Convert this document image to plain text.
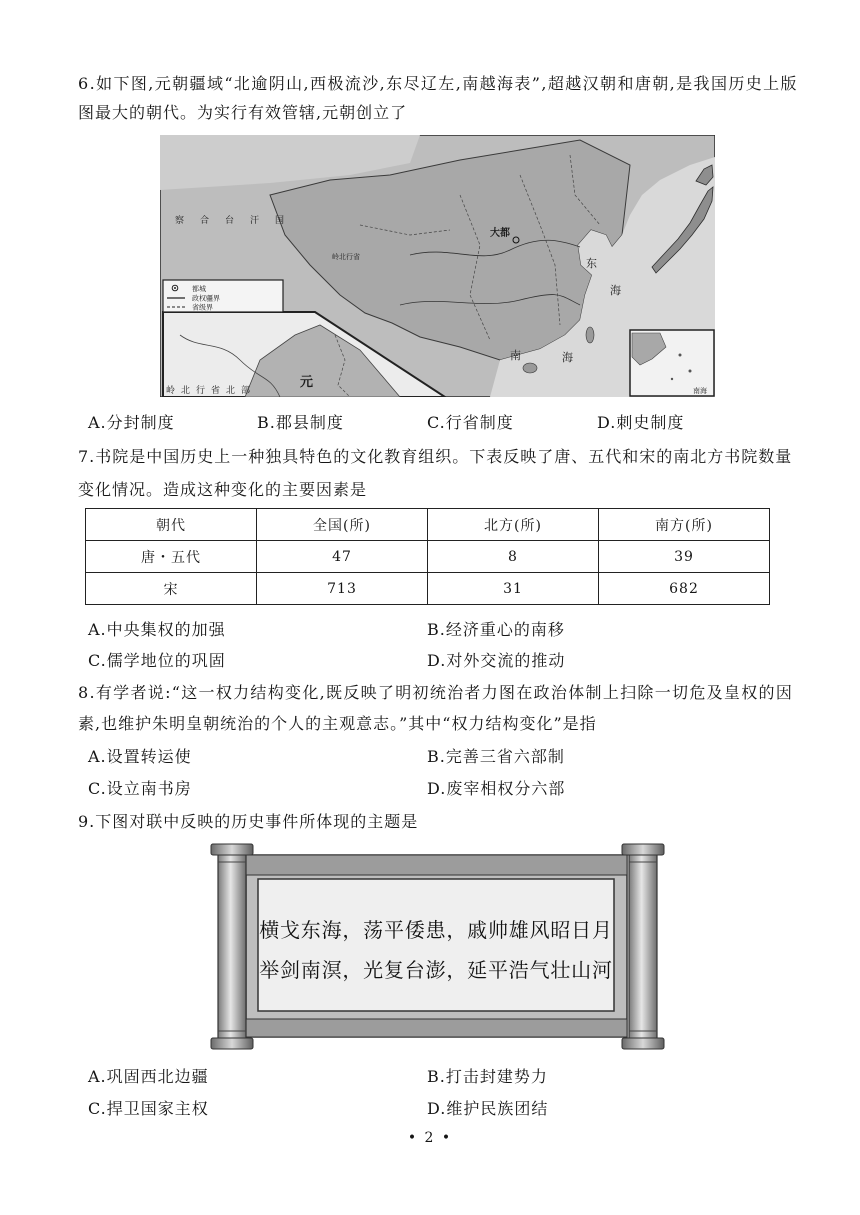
6.如下图,元朝疆域“北逾阴山,西极流沙,东尽辽左,南越海表”,超越汉朝和唐朝,是我国历史上版
图最大的朝代。为实行有效管辖,元朝创立了
都城
政权疆界
省级界
察合台汗国
岭北行省
大都
东
海
南	海
元
岭北行省北部	南海
A.分封制度	B.郡县制度	C.行省制度	D.刺史制度
7.书院是中国历史上一种独具特色的文化教育组织。下表反映了唐、五代和宋的南北方书院数量
变化情况。造成这种变化的主要因素是
朝代	全国(所)	北方(所)	南方(所)
唐・五代	47	8	39
宋	713	31	682
A.中央集权的加强	B.经济重心的南移
C.儒学地位的巩固	D.对外交流的推动
8.有学者说:“这一权力结构变化,既反映了明初统治者力图在政治体制上扫除一切危及皇权的因
素,也维护朱明皇朝统治的个人的主观意志。”其中“权力结构变化”是指
A.设置转运使	B.完善三省六部制
C.设立南书房	D.废宰相权分六部
9.下图对联中反映的历史事件所体现的主题是
横戈东海，荡平倭患，戚帅雄风昭日月
举剑南溟，光复台澎，延平浩气壮山河
A.巩固西北边疆	B.打击封建势力
C.捍卫国家主权	D.维护民族团结
• 2 •
